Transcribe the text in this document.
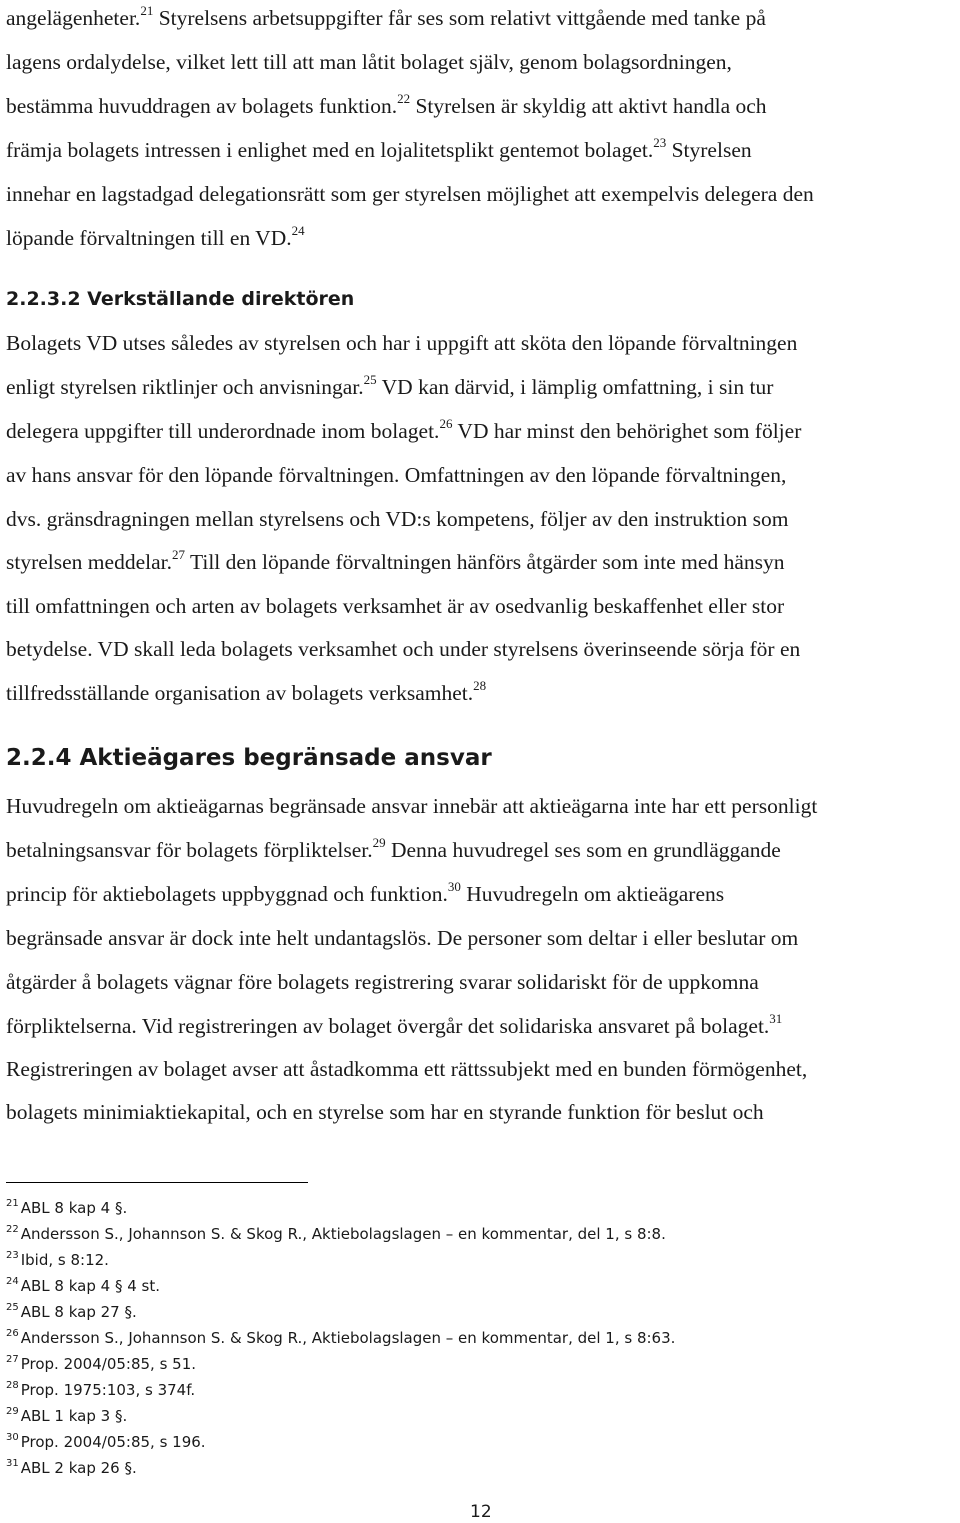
angelägenheter.$^{21}$ Styrelsens arbetsuppgifter får ses som relativt vittgående med tanke på
lagens ordalydelse, vilket lett till att man låtit bolaget själv, genom bolagsordningen,
bestämma huvuddragen av bolagets funktion.$^{22}$ Styrelsen är skyldig att aktivt handla och
främja bolagets intressen i enlighet med en lojalitetsplikt gentemot bolaget.$^{23}$ Styrelsen
innehar en lagstadgad delegationsrätt som ger styrelsen möjlighet att exempelvis delegera den
löpande förvaltningen till en VD.$^{24}$
2.2.3.2 Verkställande direktören
Bolagets VD utses således av styrelsen och har i uppgift att sköta den löpande förvaltningen
enligt styrelsen riktlinjer och anvisningar.$^{25}$ VD kan därvid, i lämplig omfattning, i sin tur
delegera uppgifter till underordnade inom bolaget.$^{26}$ VD har minst den behörighet som följer
av hans ansvar för den löpande förvaltningen. Omfattningen av den löpande förvaltningen,
dvs. gränsdragningen mellan styrelsens och VD:s kompetens, följer av den instruktion som
styrelsen meddelar.$^{27}$ Till den löpande förvaltningen hänförs åtgärder som inte med hänsyn
till omfattningen och arten av bolagets verksamhet är av osedvanlig beskaffenhet eller stor
betydelse. VD skall leda bolagets verksamhet och under styrelsens överinseende sörja för en
tillfredsställande organisation av bolagets verksamhet.$^{28}$
2.2.4 Aktieägares begränsade ansvar
Huvudregeln om aktieägarnas begränsade ansvar innebär att aktieägarna inte har ett personligt
betalningsansvar för bolagets förpliktelser.$^{29}$ Denna huvudregel ses som en grundläggande
princip för aktiebolagets uppbyggnad och funktion.$^{30}$ Huvudregeln om aktieägarens
begränsade ansvar är dock inte helt undantagslös. De personer som deltar i eller beslutar om
åtgärder å bolagets vägnar före bolagets registrering svarar solidariskt för de uppkomna
förpliktelserna. Vid registreringen av bolaget övergår det solidariska ansvaret på bolaget.$^{31}$
Registreringen av bolaget avser att åstadkomma ett rättssubjekt med en bunden förmögenhet,
bolagets minimiaktiekapital, och en styrelse som har en styrande funktion för beslut och
$^{21}$ ABL 8 kap 4 §.
$^{22}$ Andersson S., Johannson S. & Skog R., Aktiebolagslagen – en kommentar, del 1, s 8:8.
$^{23}$ Ibid, s 8:12.
$^{24}$ ABL 8 kap 4 § 4 st.
$^{25}$ ABL 8 kap 27 §.
$^{26}$ Andersson S., Johannson S. & Skog R., Aktiebolagslagen – en kommentar, del 1, s 8:63.
$^{27}$ Prop. 2004/05:85, s 51.
$^{28}$ Prop. 1975:103, s 374f.
$^{29}$ ABL 1 kap 3 §.
$^{30}$ Prop. 2004/05:85, s 196.
$^{31}$ ABL 2 kap 26 §.
12
